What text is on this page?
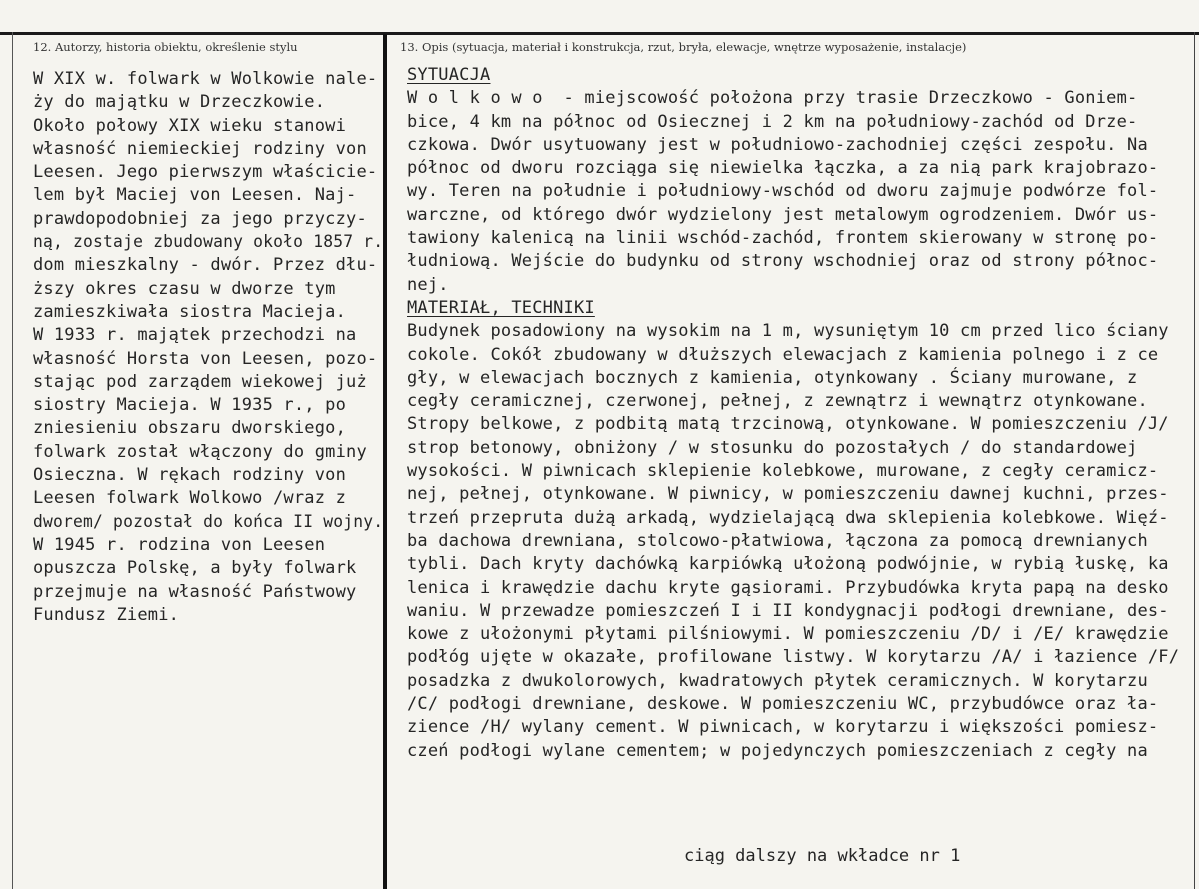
12. Autorzy, historia obiektu, określenie stylu	13. Opis (sytuacja, materiał i konstrukcja, rzut, bryła, elewacje, wnętrze wyposażenie, instalacje)
W XIX w. folwark w Wolkowie nale-
ży do majątku w Drzeczkowie.
Około połowy XIX wieku stanowi
własność niemieckiej rodziny von
Leesen. Jego pierwszym właściciе-
lem był Maciej von Leesen. Naj-
prawdopodobniej za jego przyczy-
ną, zostaje zbudowany około 1857 r.
dom mieszkalny - dwór. Przez dłu-
ższy okres czasu w dworze tym
zamieszkiwała siostra Macieja.
W 1933 r. majątek przechodzi na
własność Horsta von Leesen, pozo-
stając pod zarządem wiekowej już
siostry Macieja. W 1935 r., po
zniesieniu obszaru dworskiego,
folwark został włączony do gminy
Osieczna. W rękach rodziny von
Leesen folwark Wolkowo /wraz z
dworem/ pozostał do końca II wojny.
W 1945 r. rodzina von Leesen
opuszcza Polskę, a były folwark
przejmuje na własność Państwowy
Fundusz Ziemi.
SYTUACJA
W o l k o w o  - miejscowość położona przy trasie Drzeczkowo - Goniem-
bice, 4 km na północ od Osiecznej i 2 km na południowy-zachód od Drze-
czkowa. Dwór usytuowany jest w południowo-zachodniej części zespołu. Na
północ od dworu rozciąga się niewielka łączka, a za nią park krajobrazo-
wy. Teren na południe i południowy-wschód od dworu zajmuje podwórze fol-
warczne, od którego dwór wydzielony jest metalowym ogrodzeniem. Dwór us-
tawiony kalenicą na linii wschód-zachód, frontem skierowany w stronę po-
łudniową. Wejście do budynku od strony wschodniej oraz od strony półnос-
nej.
MATERIAŁ, TECHNIKI
Budynek posadowiony na wysokim na 1 m, wysuniętym 10 cm przed lico ściany
cokole. Cokół zbudowany w dłuższych elewacjach z kamienia polnego i z ce
gły, w elewacjach bocznych z kamienia, otynkowany . Ściany murowane, z
cegły ceramicznej, czerwonej, pełnej, z zewnątrz i wewnątrz otynkowane.
Stropy belkowe, z podbitą matą trzcinową, otynkowane. W pomieszczeniu /J/
strop betonowy, obniżony / w stosunku do pozostałych / do standardowej
wysokości. W piwnicach sklepienie kolebkowe, murowane, z cegły ceramicz-
nej, pełnej, otynkowane. W piwnicy, w pomieszczeniu dawnej kuchni, przes-
trzeń przepruta dużą arkadą, wydzielającą dwa sklepienia kolebkowe. Więź-
ba dachowa drewniana, stolcowo-płatwiowa, łączona za pomocą drewnianych
tybli. Dach kryty dachówką karpiówką ułożoną podwójnie, w rybią łuskę, ka
lenica i krawędzie dachu kryte gąsiorami. Przybudówka kryta papą na desko
waniu. W przewadze pomieszczeń I i II kondygnacji podłogi drewniane, des-
kowe z ułożonymi płytami pilśniowymi. W pomieszczeniu /D/ i /E/ krawędzie
podłóg ujęte w okazałe, profilowane listwy. W korytarzu /A/ i łazience /F/
posadzka z dwukolorowych, kwadratowych płytek ceramicznych. W korytarzu
/C/ podłogi drewniane, deskowe. W pomieszczeniu WC, przybudówce oraz ła-
zience /H/ wylany cement. W piwnicach, w korytarzu i większości pomiesz-
czeń podłogi wylane cementem; w pojedynczych pomieszczeniach z cegły na
ciąg dalszy na wkładce nr 1
